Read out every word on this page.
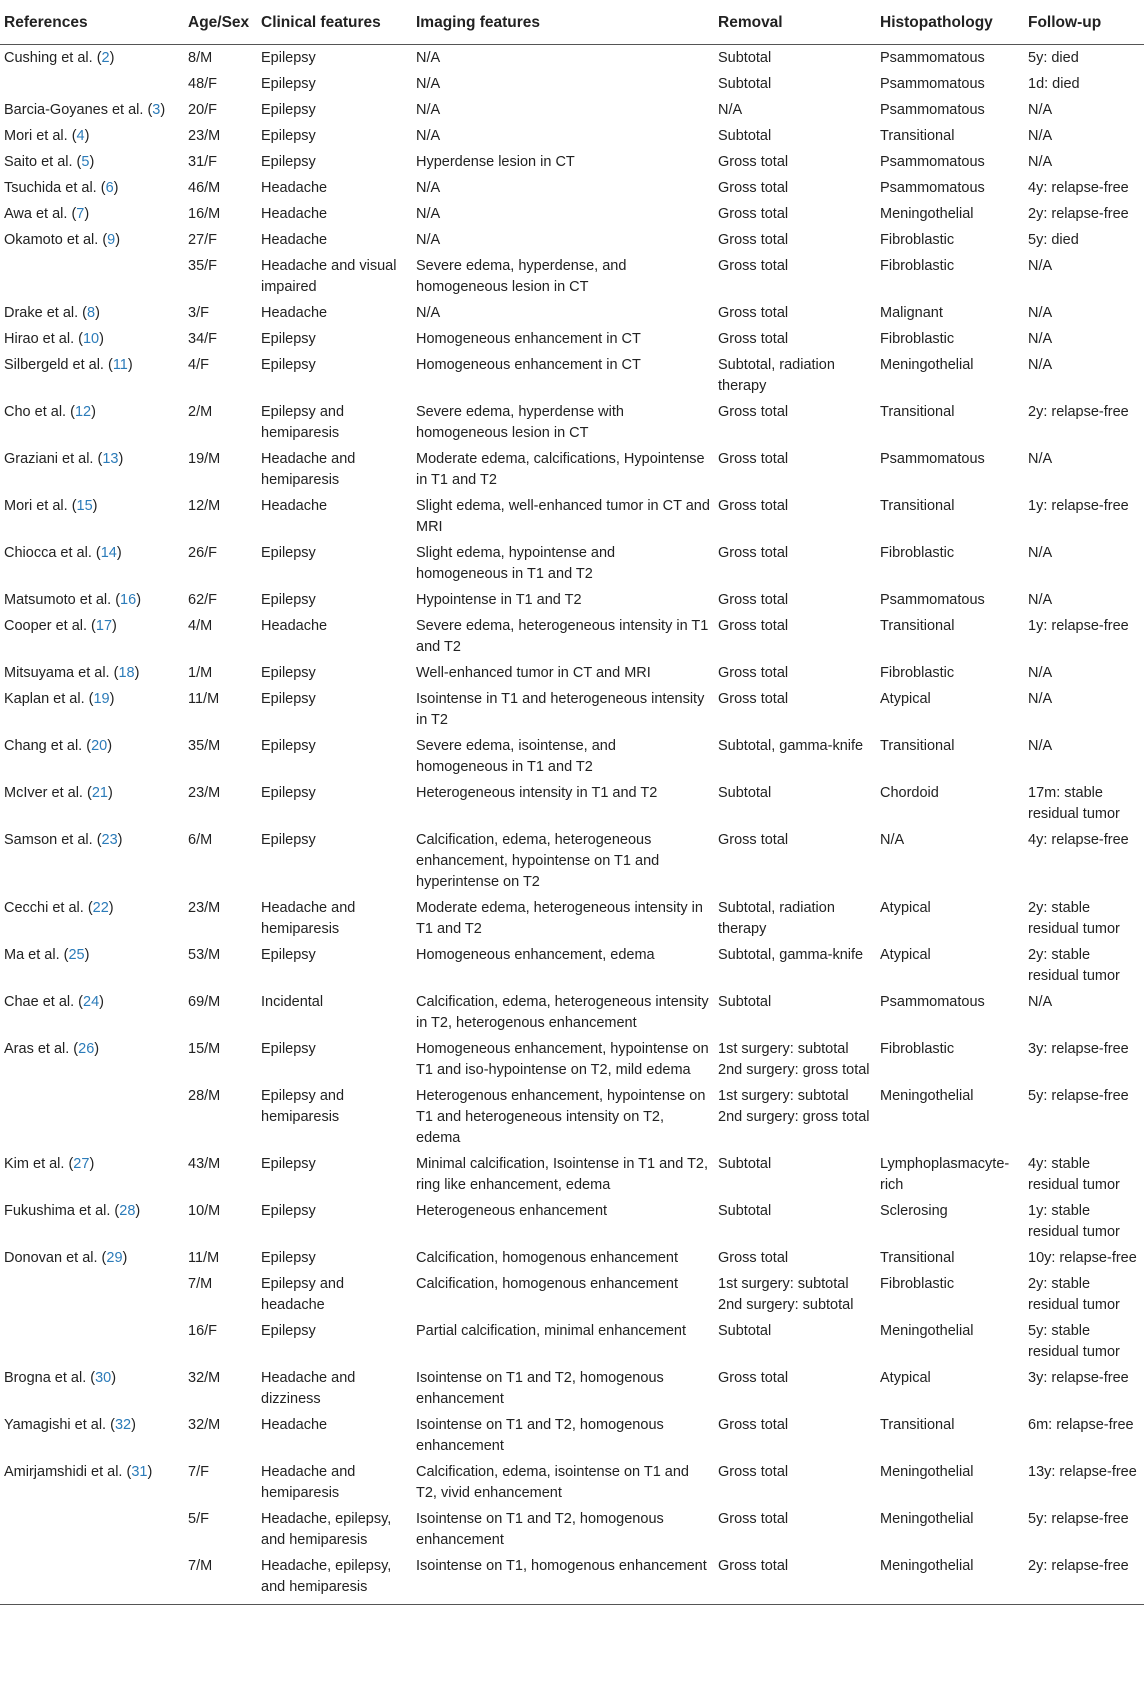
References	Age/Sex	Clinical features	Imaging features	Removal	Histopathology	Follow-up
Cushing et al. (2)	8/M	Epilepsy	N/A	Subtotal	Psammomatous	5y: died
	48/F	Epilepsy	N/A	Subtotal	Psammomatous	1d: died
Barcia-Goyanes et al. (3)	20/F	Epilepsy	N/A	N/A	Psammomatous	N/A
Mori et al. (4)	23/M	Epilepsy	N/A	Subtotal	Transitional	N/A
Saito et al. (5)	31/F	Epilepsy	Hyperdense lesion in CT	Gross total	Psammomatous	N/A
Tsuchida et al. (6)	46/M	Headache	N/A	Gross total	Psammomatous	4y: relapse-free
Awa et al. (7)	16/M	Headache	N/A	Gross total	Meningothelial	2y: relapse-free
Okamoto et al. (9)	27/F	Headache	N/A	Gross total	Fibroblastic	5y: died
	35/F	Headache and visual impaired	Severe edema, hyperdense, and homogeneous lesion in CT	Gross total	Fibroblastic	N/A
Drake et al. (8)	3/F	Headache	N/A	Gross total	Malignant	N/A
Hirao et al. (10)	34/F	Epilepsy	Homogeneous enhancement in CT	Gross total	Fibroblastic	N/A
Silbergeld et al. (11)	4/F	Epilepsy	Homogeneous enhancement in CT	Subtotal, radiation therapy	Meningothelial	N/A
Cho et al. (12)	2/M	Epilepsy and hemiparesis	Severe edema, hyperdense with homogeneous lesion in CT	Gross total	Transitional	2y: relapse-free
Graziani et al. (13)	19/M	Headache and hemiparesis	Moderate edema, calcifications, Hypointense in T1 and T2	Gross total	Psammomatous	N/A
Mori et al. (15)	12/M	Headache	Slight edema, well-enhanced tumor in CT and MRI	Gross total	Transitional	1y: relapse-free
Chiocca et al. (14)	26/F	Epilepsy	Slight edema, hypointense and homogeneous in T1 and T2	Gross total	Fibroblastic	N/A
Matsumoto et al. (16)	62/F	Epilepsy	Hypointense in T1 and T2	Gross total	Psammomatous	N/A
Cooper et al. (17)	4/M	Headache	Severe edema, heterogeneous intensity in T1 and T2	Gross total	Transitional	1y: relapse-free
Mitsuyama et al. (18)	1/M	Epilepsy	Well-enhanced tumor in CT and MRI	Gross total	Fibroblastic	N/A
Kaplan et al. (19)	11/M	Epilepsy	Isointense in T1 and heterogeneous intensity in T2	Gross total	Atypical	N/A
Chang et al. (20)	35/M	Epilepsy	Severe edema, isointense, and homogeneous in T1 and T2	Subtotal, gamma-knife	Transitional	N/A
McIver et al. (21)	23/M	Epilepsy	Heterogeneous intensity in T1 and T2	Subtotal	Chordoid	17m: stable residual tumor
Samson et al. (23)	6/M	Epilepsy	Calcification, edema, heterogeneous enhancement, hypointense on T1 and hyperintense on T2	Gross total	N/A	4y: relapse-free
Cecchi et al. (22)	23/M	Headache and hemiparesis	Moderate edema, heterogeneous intensity in T1 and T2	Subtotal, radiation therapy	Atypical	2y: stable residual tumor
Ma et al. (25)	53/M	Epilepsy	Homogeneous enhancement, edema	Subtotal, gamma-knife	Atypical	2y: stable residual tumor
Chae et al. (24)	69/M	Incidental	Calcification, edema, heterogeneous intensity in T2, heterogenous enhancement	Subtotal	Psammomatous	N/A
Aras et al. (26)	15/M	Epilepsy	Homogeneous enhancement, hypointense on T1 and iso-hypointense on T2, mild edema	1st surgery: subtotal 2nd surgery: gross total	Fibroblastic	3y: relapse-free
	28/M	Epilepsy and hemiparesis	Heterogenous enhancement, hypointense on T1 and heterogeneous intensity on T2, edema	1st surgery: subtotal 2nd surgery: gross total	Meningothelial	5y: relapse-free
Kim et al. (27)	43/M	Epilepsy	Minimal calcification, Isointense in T1 and T2, ring like enhancement, edema	Subtotal	Lymphoplasmacyte-rich	4y: stable residual tumor
Fukushima et al. (28)	10/M	Epilepsy	Heterogeneous enhancement	Subtotal	Sclerosing	1y: stable residual tumor
Donovan et al. (29)	11/M	Epilepsy	Calcification, homogenous enhancement	Gross total	Transitional	10y: relapse-free
	7/M	Epilepsy and headache	Calcification, homogenous enhancement	1st surgery: subtotal 2nd surgery: subtotal	Fibroblastic	2y: stable residual tumor
	16/F	Epilepsy	Partial calcification, minimal enhancement	Subtotal	Meningothelial	5y: stable residual tumor
Brogna et al. (30)	32/M	Headache and dizziness	Isointense on T1 and T2, homogenous enhancement	Gross total	Atypical	3y: relapse-free
Yamagishi et al. (32)	32/M	Headache	Isointense on T1 and T2, homogenous enhancement	Gross total	Transitional	6m: relapse-free
Amirjamshidi et al. (31)	7/F	Headache and hemiparesis	Calcification, edema, isointense on T1 and T2, vivid enhancement	Gross total	Meningothelial	13y: relapse-free
	5/F	Headache, epilepsy, and hemiparesis	Isointense on T1 and T2, homogenous enhancement	Gross total	Meningothelial	5y: relapse-free
	7/M	Headache, epilepsy, and hemiparesis	Isointense on T1, homogenous enhancement	Gross total	Meningothelial	2y: relapse-free
